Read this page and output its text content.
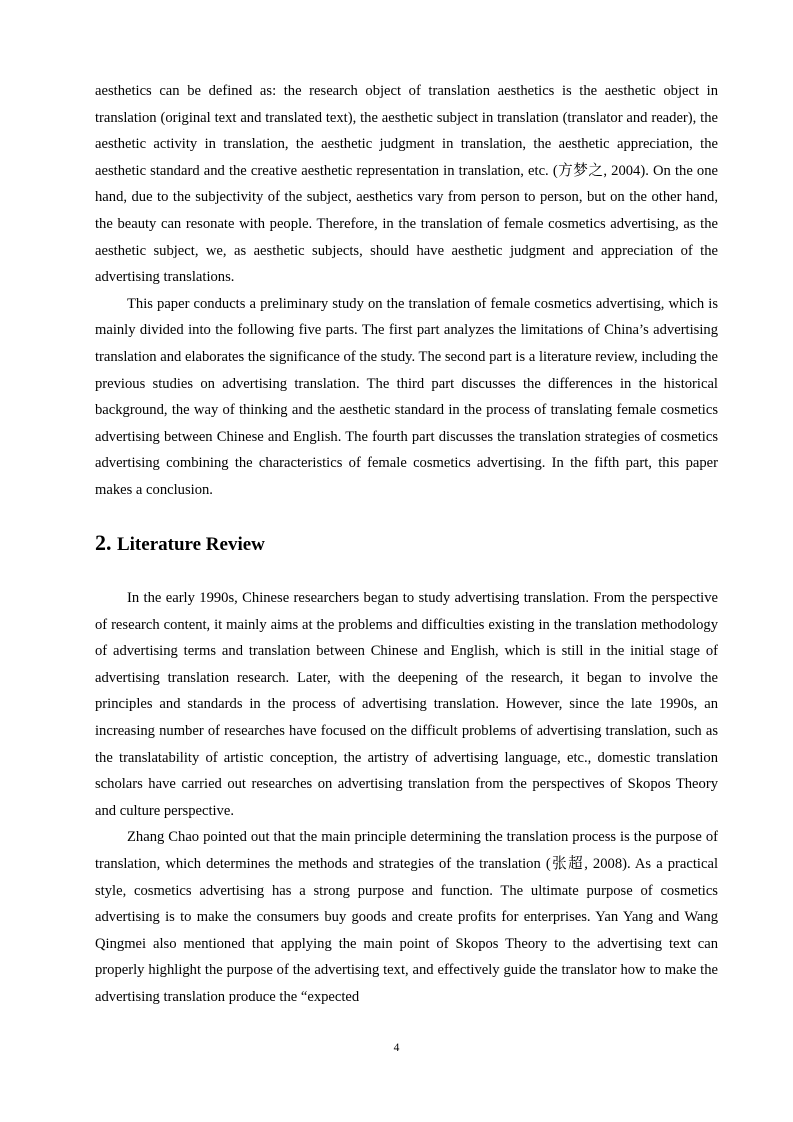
aesthetics can be defined as: the research object of translation aesthetics is the aesthetic object in translation (original text and translated text), the aesthetic subject in translation (translator and reader), the aesthetic activity in translation, the aesthetic judgment in translation, the aesthetic appreciation, the aesthetic standard and the creative aesthetic representation in translation, etc. (方梦之, 2004). On the one hand, due to the subjectivity of the subject, aesthetics vary from person to person, but on the other hand, the beauty can resonate with people. Therefore, in the translation of female cosmetics advertising, as the aesthetic subject, we, as aesthetic subjects, should have aesthetic judgment and appreciation of the advertising translations.

This paper conducts a preliminary study on the translation of female cosmetics advertising, which is mainly divided into the following five parts. The first part analyzes the limitations of China’s advertising translation and elaborates the significance of the study. The second part is a literature review, including the previous studies on advertising translation. The third part discusses the differences in the historical background, the way of thinking and the aesthetic standard in the process of translating female cosmetics advertising between Chinese and English. The fourth part discusses the translation strategies of cosmetics advertising combining the characteristics of female cosmetics advertising. In the fifth part, this paper makes a conclusion.

2. Literature Review

In the early 1990s, Chinese researchers began to study advertising translation. From the perspective of research content, it mainly aims at the problems and difficulties existing in the translation methodology of advertising terms and translation between Chinese and English, which is still in the initial stage of advertising translation research. Later, with the deepening of the research, it began to involve the principles and standards in the process of advertising translation. However, since the late 1990s, an increasing number of researches have focused on the difficult problems of advertising translation, such as the translatability of artistic conception, the artistry of advertising language, etc., domestic translation scholars have carried out researches on advertising translation from the perspectives of Skopos Theory and culture perspective.

Zhang Chao pointed out that the main principle determining the translation process is the purpose of translation, which determines the methods and strategies of the translation (张超, 2008). As a practical style, cosmetics advertising has a strong purpose and function. The ultimate purpose of cosmetics advertising is to make the consumers buy goods and create profits for enterprises. Yan Yang and Wang Qingmei also mentioned that applying the main point of Skopos Theory to the advertising text can properly highlight the purpose of the advertising text, and effectively guide the translator how to make the advertising translation produce the “expected

4
